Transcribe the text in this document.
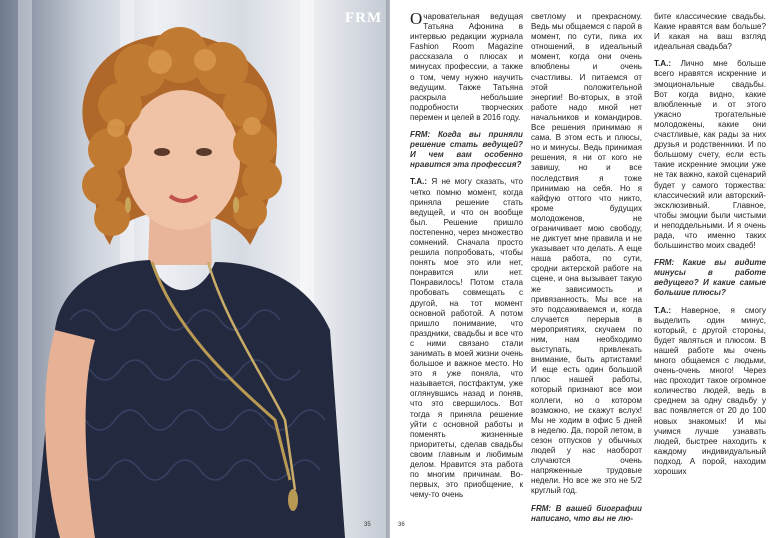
FRM
35

Очаровательная ведущая Татьяна Афонина в интервью редакции журнала Fashion Room Magazine рассказала о плюсах и минусах профессии, а также о том, чему нужно научить ведущим. Также Татьяна раскрыла небольшие подробности творческих перемен и целей в 2016 году.

FRM: Когда вы приняли решение стать ведущей? И чем вам особенно нравится эта профессия?

Т.А.: Я не могу сказать, что четко помню момент, когда приняла решение стать ведущей, и что он вообще был. Решение пришло постепенно, через множество сомнений. Сначала просто решила попробовать, чтобы понять мое это или нет, понравится или нет. Понравилось! Потом стала пробовать совмещать с другой, на тот момент основной работой. А потом пришло понимание, что праздники, свадьбы и все что с ними связано стали занимать в моей жизни очень большое и важное место. Но это я уже поняла, что называется, постфактум, уже оглянувшись назад и поняв, что это свершилось. Вот тогда я приняла решение уйти с основной работы и поменять жизненные приоритеты, сделав свадьбы своим главным и любимым делом. Нравится эта работа по многим причинам. Во-первых, это приобщение, к чему-то очень

светлому и прекрасному. Ведь мы общаемся с парой в момент, по сути, пика их отношений, в идеальный момент, когда они очень влюблены и очень счастливы. И питаемся от этой положительной энергии! Во-вторых, в этой работе надо мной нет начальников и командиров. Все решения принимаю я сама. В этом есть и плюсы, но и минусы. Ведь принимая решения, я ни от кого не завишу, но и все последствия я тоже принимаю на себя. Но я кайфую оттого что никто, кроме будущих молодоженов, не ограничивает мою свободу, не диктует мне правила и не указывает что делать. А еще наша работа, по сути, сродни актерской работе на сцене, и она вызывает такую же зависимость и привязанность. Мы все на это подсаживаемся и, когда случается перерыв в мероприятиях, скучаем по ним, нам необходимо выступать, привлекать внимание, быть артистами! И еще есть один большой плюс нашей работы, который признают все мои коллеги, но о котором возможно, не скажут вслух! Мы не ходим в офис 5 дней в неделю. Да, порой летом, в сезон отпусков у обычных людей у нас наоборот случаются очень напряженные трудовые недели. Но все же это не 5/2 круглый год.

FRM: В вашей биографии написано, что вы не лю-

бите классические свадьбы. Какие нравятся вам больше? И какая на ваш взгляд идеальная свадьба?

Т.А.: Лично мне больше всего нравятся искренние и эмоциональные свадьбы. Вот когда видно, какие влюбленные и от этого ужасно трогательные молодожены, какие они счастливые, как рады за них друзья и родственники. И по большому счету, если есть такие искренние эмоции уже не так важно, какой сценарий будет у самого торжества: классический или авторский-эксклюзивный. Главное, чтобы эмоции были чистыми и неподдельными. И я очень рада, что именно таких большинство моих свадеб!

FRM: Какие вы видите минусы в работе ведущего? И какие самые большие плюсы?

Т.А.: Наверное, я смогу выделить один минус, который, с другой стороны, будет являться и плюсом. В нашей работе мы очень много общаемся с людьми, очень-очень много! Через нас проходит такое огромное количество людей, ведь в среднем за одну свадьбу у вас появляется от 20 до 100 новых знакомых! И мы учимся лучше узнавать людей, быстрее находить к каждому индивидуальный подход. А порой, находим хороших

36
